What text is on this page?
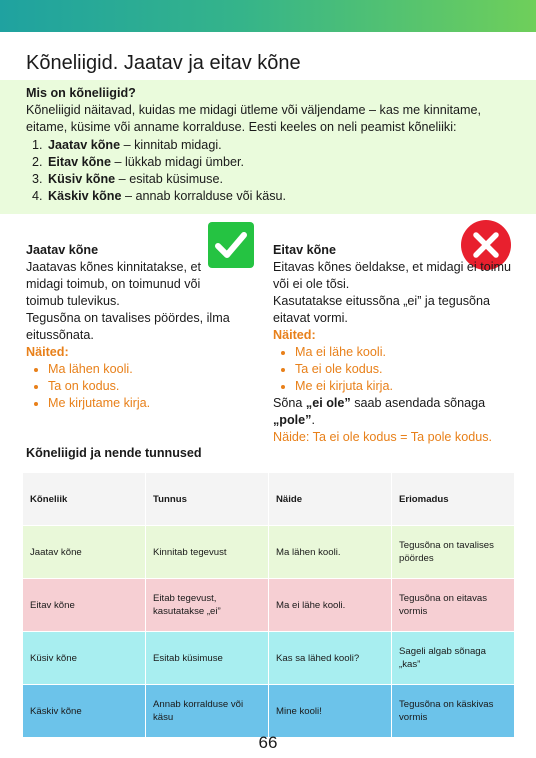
Kõneliigid. Jaatav ja eitav kõne
Mis on kõneliigid?

Kõneliigid näitavad, kuidas me midagi ütleme või väljendame – kas me kinnitame, eitame, küsime või anname korralduse. Eesti keeles on neli peamist kõneliiki:

1. Jaatav kõne – kinnitab midagi.
2. Eitav kõne – lükkab midagi ümber.
3. Küsiv kõne – esitab küsimuse.
4. Käskiv kõne – annab korralduse või käsu.
Jaatav kõne

Jaatavas kõnes kinnitatakse, et midagi toimub, on toimunud või toimub tulevikus.

Tegusõna on tavalises pöördes, ilma eitussõnata.

Näited:

• Ma lähen kooli.
• Ta on kodus.
• Me kirjutame kirja.
Eitav kõne

Eitavas kõnes öeldakse, et midagi ei toimu või ei ole tõsi.

Kasutatakse eitussõna „ei” ja tegusõna eitavat vormi.

Näited:

• Ma ei lähe kooli.
• Ta ei ole kodus.
• Me ei kirjuta kirja.

Sõna „ei ole” saab asendada sõnaga „pole”.

Näide: Ta ei ole kodus = Ta pole kodus.

Kõneliigid ja nende tunnused
Kõneliik	Tunnus	Näide	Eriomadus
Jaatav kõne	Kinnitab tegevust	Ma lähen kooli.	Tegusõna on tavalises pöördes
Eitav kõne	Eitab tegevust, kasutatakse „ei”	Ma ei lähe kooli.	Tegusõna on eitavas vormis
Küsiv kõne	Esitab küsimuse	Kas sa lähed kooli?	Sageli algab sõnaga „kas”
Käskiv kõne	Annab korralduse või käsu	Mine kooli!	Tegusõna on käskivas vormis
66
